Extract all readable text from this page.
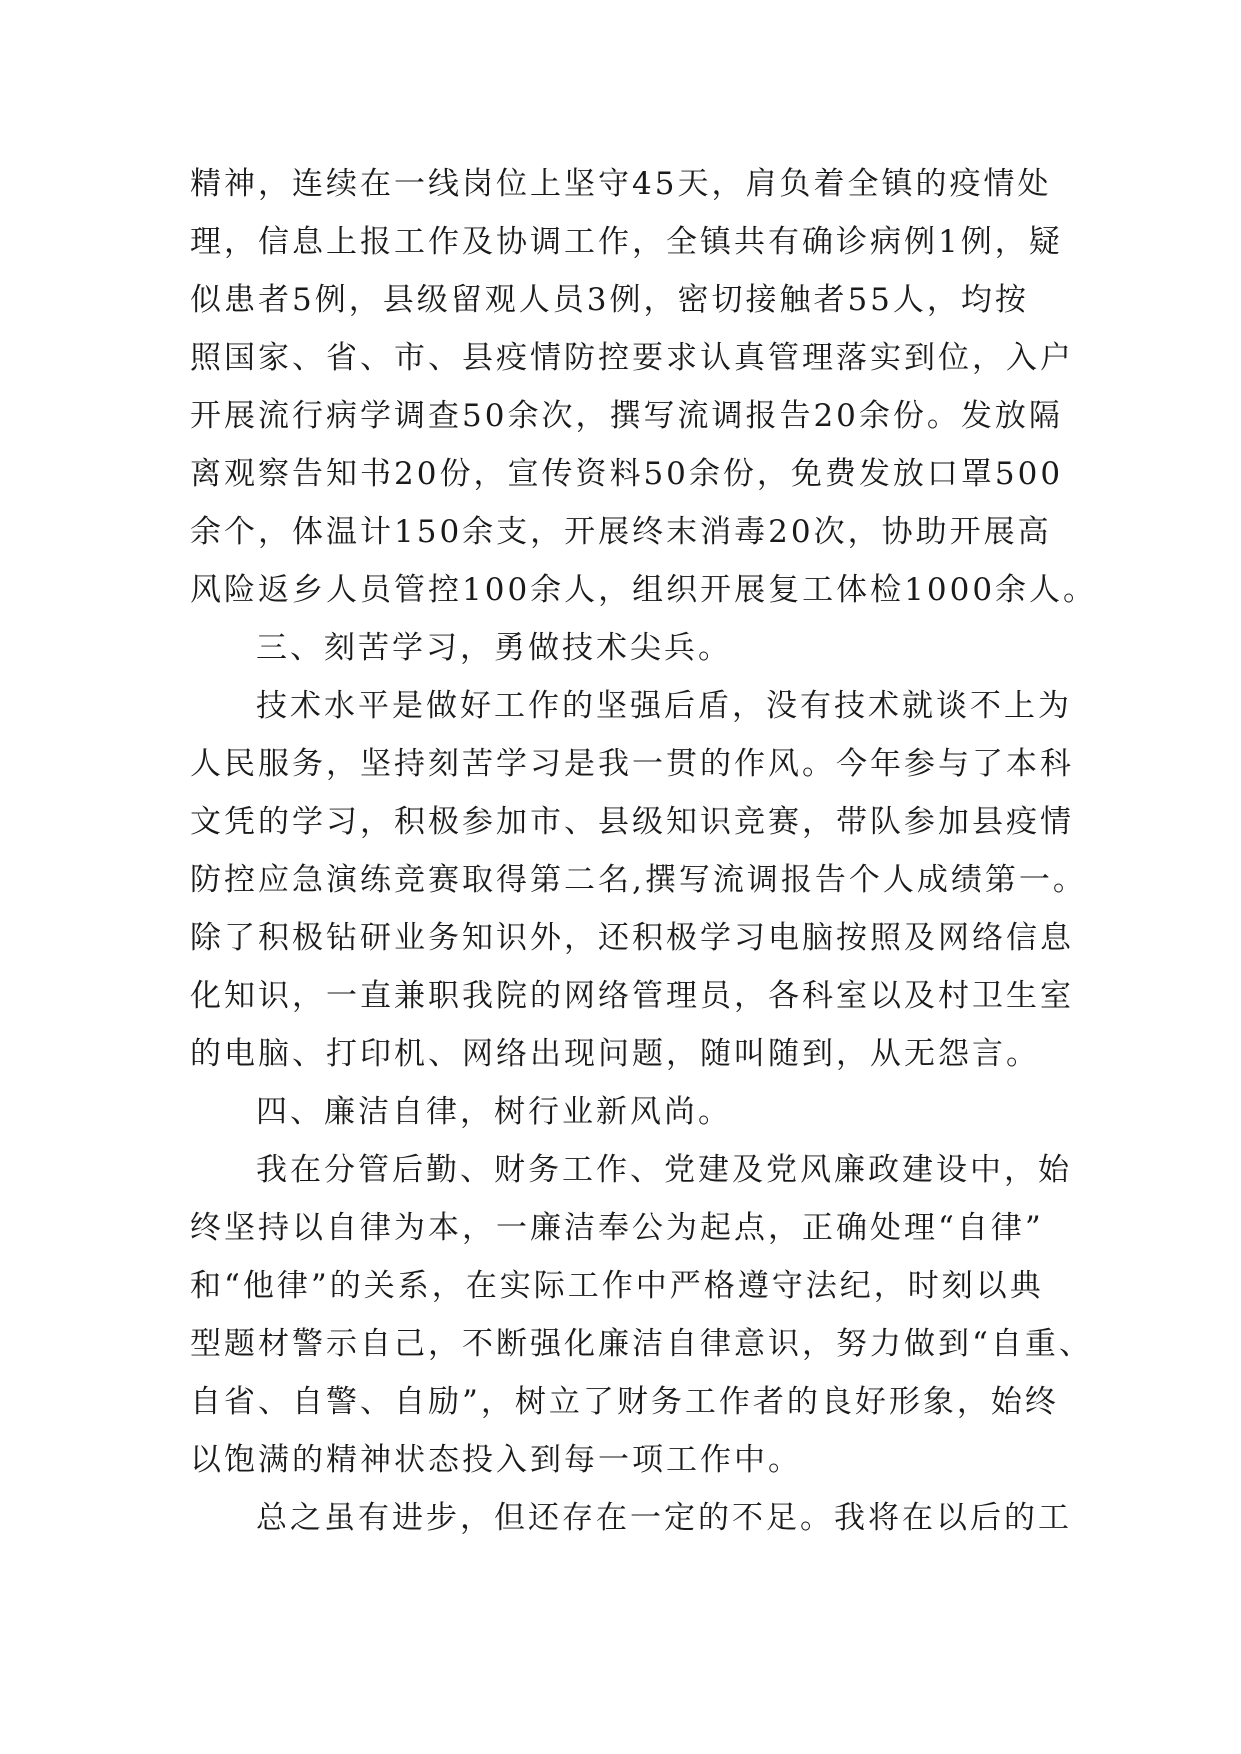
精神，连续在一线岗位上坚守45天，肩负着全镇的疫情处
理，信息上报工作及协调工作，全镇共有确诊病例1例，疑
似患者5例，县级留观人员3例，密切接触者55人，均按
照国家、省、市、县疫情防控要求认真管理落实到位，入户
开展流行病学调查50余次，撰写流调报告20余份。发放隔
离观察告知书20份，宣传资料50余份，免费发放口罩500
余个，体温计150余支，开展终末消毒20次，协助开展高
风险返乡人员管控100余人，组织开展复工体检1000余人。
三、刻苦学习，勇做技术尖兵。
技术水平是做好工作的坚强后盾，没有技术就谈不上为
人民服务，坚持刻苦学习是我一贯的作风。今年参与了本科
文凭的学习，积极参加市、县级知识竞赛，带队参加县疫情
防控应急演练竞赛取得第二名,撰写流调报告个人成绩第一。
除了积极钻研业务知识外，还积极学习电脑按照及网络信息
化知识，一直兼职我院的网络管理员，各科室以及村卫生室
的电脑、打印机、网络出现问题，随叫随到，从无怨言。
四、廉洁自律，树行业新风尚。
我在分管后勤、财务工作、党建及党风廉政建设中，始
终坚持以自律为本，一廉洁奉公为起点，正确处理“自律”
和“他律”的关系，在实际工作中严格遵守法纪，时刻以典
型题材警示自己，不断强化廉洁自律意识，努力做到“自重、
自省、自警、自励”，树立了财务工作者的良好形象，始终
以饱满的精神状态投入到每一项工作中。
总之虽有进步，但还存在一定的不足。我将在以后的工
